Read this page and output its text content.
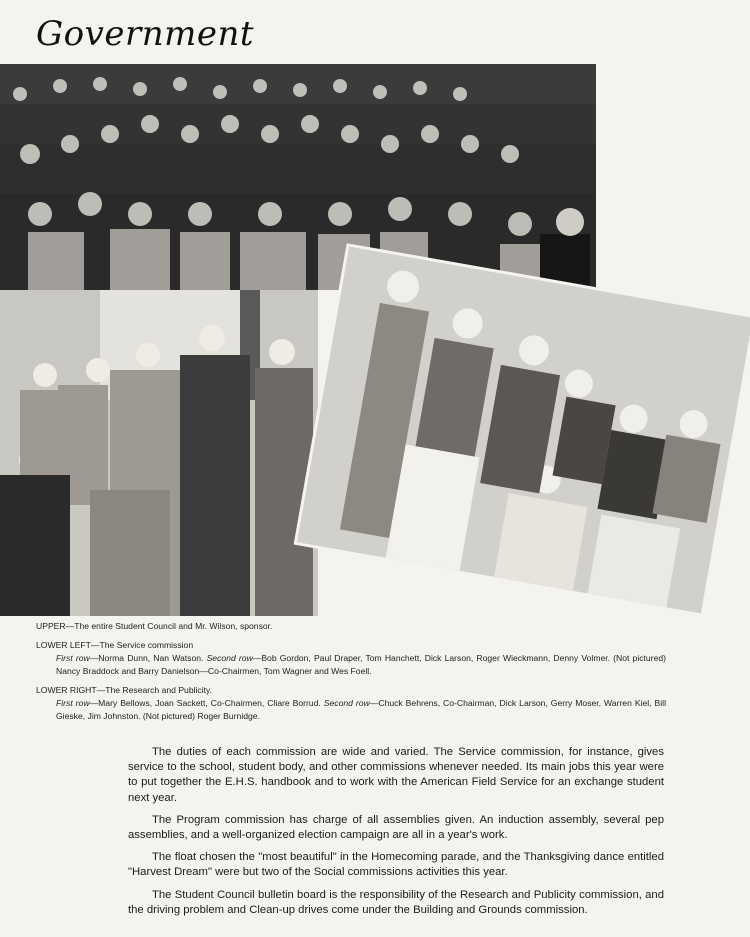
Government
UPPER—The entire Student Council and Mr. Wilson, sponsor.
LOWER LEFT—The Service commission
First row—Norma Dunn, Nan Watson. Second row—Bob Gordon, Paul Draper, Tom Hanchett, Dick Larson, Roger Wieckmann, Denny Volmer. (Not pictured) Nancy Braddock and Barry Danielson—Co-Chairmen, Tom Wagner and Wes Foell.
LOWER RIGHT—The Research and Publicity.
First row—Mary Bellows, Joan Sackett, Co-Chairmen, Cliare Borrud. Second row—Chuck Behrens, Co-Chairman, Dick Larson, Gerry Moser, Warren Kiel, Bill Gieske, Jim Johnston. (Not pictured) Roger Burnidge.

The duties of each commission are wide and varied. The Service commission, for instance, gives service to the school, student body, and other commissions whenever needed. Its main jobs this year were to put together the E.H.S. handbook and to work with the American Field Service for an exchange student next year.

The Program commission has charge of all assemblies given. An induction assembly, several pep assemblies, and a well-organized election campaign are all in a year's work.

The float chosen the "most beautiful" in the Homecoming parade, and the Thanksgiving dance entitled "Harvest Dream" were but two of the Social commissions activities this year.

The Student Council bulletin board is the responsibility of the Research and Publicity commission, and the driving problem and Clean-up drives come under the Building and Grounds commission.
